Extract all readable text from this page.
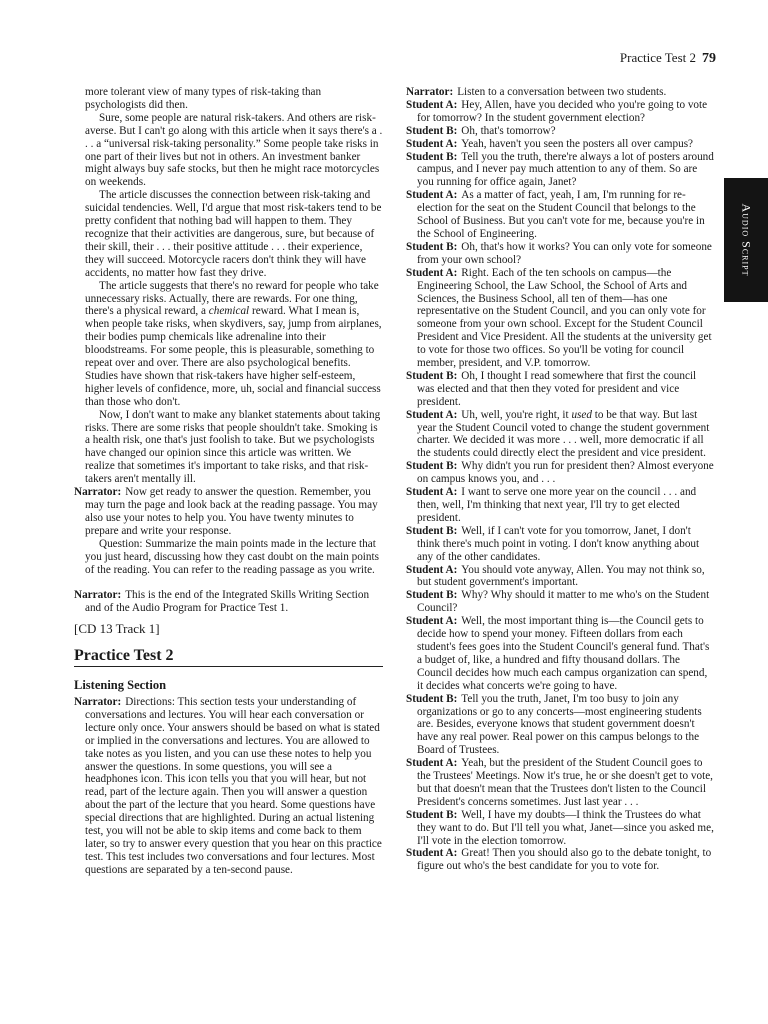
Practice Test 2 79
Audio Script

more tolerant view of many types of risk-taking than psychologists did then.

Sure, some people are natural risk-takers. And others are risk-averse. But I can't go along with this article when it says there's a . . . a “universal risk-taking personality.” Some people take risks in one part of their lives but not in others. An investment banker might always buy safe stocks, but then he might race motorcycles on weekends.

The article discusses the connection between risk-taking and suicidal tendencies. Well, I'd argue that most risk-takers tend to be pretty confident that nothing bad will happen to them. They recognize that their activities are dangerous, sure, but because of their skill, their . . . their positive attitude . . . their experience, they will succeed. Motorcycle racers don't think they will have accidents, no matter how fast they drive.

The article suggests that there's no reward for people who take unnecessary risks. Actually, there are rewards. For one thing, there's a physical reward, a chemical reward. What I mean is, when people take risks, when skydivers, say, jump from airplanes, their bodies pump chemicals like adrenaline into their bloodstreams. For some people, this is pleasurable, something to repeat over and over. There are also psychological benefits. Studies have shown that risk-takers have higher self-esteem, higher levels of confidence, more, uh, social and financial success than those who don't.

Now, I don't want to make any blanket statements about taking risks. There are some risks that people shouldn't take. Smoking is a health risk, one that's just foolish to take. But we psychologists have changed our opinion since this article was written. We realize that sometimes it's important to take risks, and that risk-takers aren't mentally ill.

Narrator: Now get ready to answer the question. Remember, you may turn the page and look back at the reading passage. You may also use your notes to help you. You have twenty minutes to prepare and write your response.

Question: Summarize the main points made in the lecture that you just heard, discussing how they cast doubt on the main points of the reading. You can refer to the reading passage as you write.

Narrator: This is the end of the Integrated Skills Writing Section and of the Audio Program for Practice Test 1.

[CD 13 Track 1]
Practice Test 2
Listening Section

Narrator: Directions: This section tests your understanding of conversations and lectures. You will hear each conversation or lecture only once. Your answers should be based on what is stated or implied in the conversations and lectures. You are allowed to take notes as you listen, and you can use these notes to help you answer the questions. In some questions, you will see a headphones icon. This icon tells you that you will hear, but not read, part of the lecture again. Then you will answer a question about the part of the lecture that you heard. Some questions have special directions that are highlighted. During an actual listening test, you will not be able to skip items and come back to them later, so try to answer every question that you hear on this practice test. This test includes two conversations and four lectures. Most questions are separated by a ten-second pause.

Narrator: Listen to a conversation between two students.

Student A: Hey, Allen, have you decided who you're going to vote for tomorrow? In the student government election?

Student B: Oh, that's tomorrow?

Student A: Yeah, haven't you seen the posters all over campus?

Student B: Tell you the truth, there're always a lot of posters around campus, and I never pay much attention to any of them. So are you running for office again, Janet?

Student A: As a matter of fact, yeah, I am, I'm running for re-election for the seat on the Student Council that belongs to the School of Business. But you can't vote for me, because you're in the School of Engineering.

Student B: Oh, that's how it works? You can only vote for someone from your own school?

Student A: Right. Each of the ten schools on campus—the Engineering School, the Law School, the School of Arts and Sciences, the Business School, all ten of them—has one representative on the Student Council, and you can only vote for someone from your own school. Except for the Student Council President and Vice President. All the students at the university get to vote for those two offices. So you'll be voting for council member, president, and V.P. tomorrow.

Student B: Oh, I thought I read somewhere that first the council was elected and that then they voted for president and vice president.

Student A: Uh, well, you're right, it used to be that way. But last year the Student Council voted to change the student government charter. We decided it was more . . . well, more democratic if all the students could directly elect the president and vice president.

Student B: Why didn't you run for president then? Almost everyone on campus knows you, and . . .

Student A: I want to serve one more year on the council . . . and then, well, I'm thinking that next year, I'll try to get elected president.

Student B: Well, if I can't vote for you tomorrow, Janet, I don't think there's much point in voting. I don't know anything about any of the other candidates.

Student A: You should vote anyway, Allen. You may not think so, but student government's important.

Student B: Why? Why should it matter to me who's on the Student Council?

Student A: Well, the most important thing is—the Council gets to decide how to spend your money. Fifteen dollars from each student's fees goes into the Student Council's general fund. That's a budget of, like, a hundred and fifty thousand dollars. The Council decides how much each campus organization can spend, it decides what concerts we're going to have.

Student B: Tell you the truth, Janet, I'm too busy to join any organizations or go to any concerts—most engineering students are. Besides, everyone knows that student government doesn't have any real power. Real power on this campus belongs to the Board of Trustees.

Student A: Yeah, but the president of the Student Council goes to the Trustees' Meetings. Now it's true, he or she doesn't get to vote, but that doesn't mean that the Trustees don't listen to the Council President's concerns sometimes. Just last year . . .

Student B: Well, I have my doubts—I think the Trustees do what they want to do. But I'll tell you what, Janet—since you asked me, I'll vote in the election tomorrow.

Student A: Great! Then you should also go to the debate tonight, to figure out who's the best candidate for you to vote for.
